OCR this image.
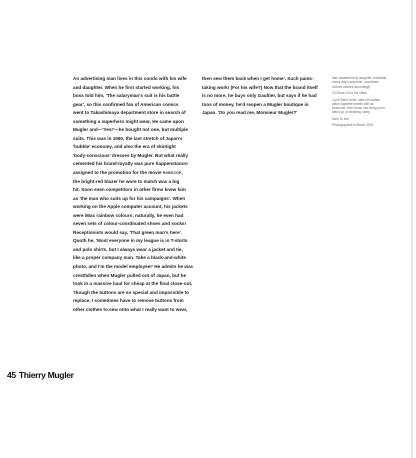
An advertising man lives in this condo with his wife

and daughter. When he first started working, his

boss told him, 'The salaryman's suit is his battle

gear', so this confirmed fan of American comics

went to Takashimaya department store in search of

something a superhero might wear. He came upon

Mugler and—'Yes!'—he bought not one, but multiple

suits. This was in 1990, the last stretch of Japan's

'bubble' economy, and also the era of skintight

'body-conscious' dresses by Mugler. But what really

cemented his brand-loyalty was pure happenstance:

assigned to the promotion for the movie ROBOCOP,

the bright-red blazer he wore to match was a big

hit. Soon even competitors in other firms knew him

as 'the man who suits up for his campaigns'. When

working on the Apple computer account, his jackets

were iMac rainbow colours; naturally, he even had

seven sets of colour-coordinated shoes and socks!

Receptionists would say, 'That green man's here'.

Quoth he, 'Most everyone in my league is in T-shirts

and polo shirts, but I always wear a jacket and tie,

like a proper company man. Take a black-and-white

photo, and I'm the model employee!' He admits he was

crestfallen when Mugler pulled out of Japan, but he

took in a massive haul for cheap at the final close-out,

'though the buttons are so special and impossible to

replace, I sometimes have to remove buttons from

other clothes to sew onto what I really want to wear,

then sew them back when I get home'. Such pains-

taking work! (For his wife?) Now that the brand itself

is no more, he buys only Gaultier, but says if he had

tons of money, he'd reopen a Mugler boutique in

Japan. 'Do you read me, Monsieur Mugler?'

6am Awakened by daughter, breakfast,

check day's schedule, coordinate

clothes colours accordingly

10.30am Go to the office

11pm Back home, take off clothes,

place cigarette smells with an

freshener; then brush into living room,

catch up on drinking, sleep

Sam Tu text

Photographed in March 2002

45 Thierry Mugler
